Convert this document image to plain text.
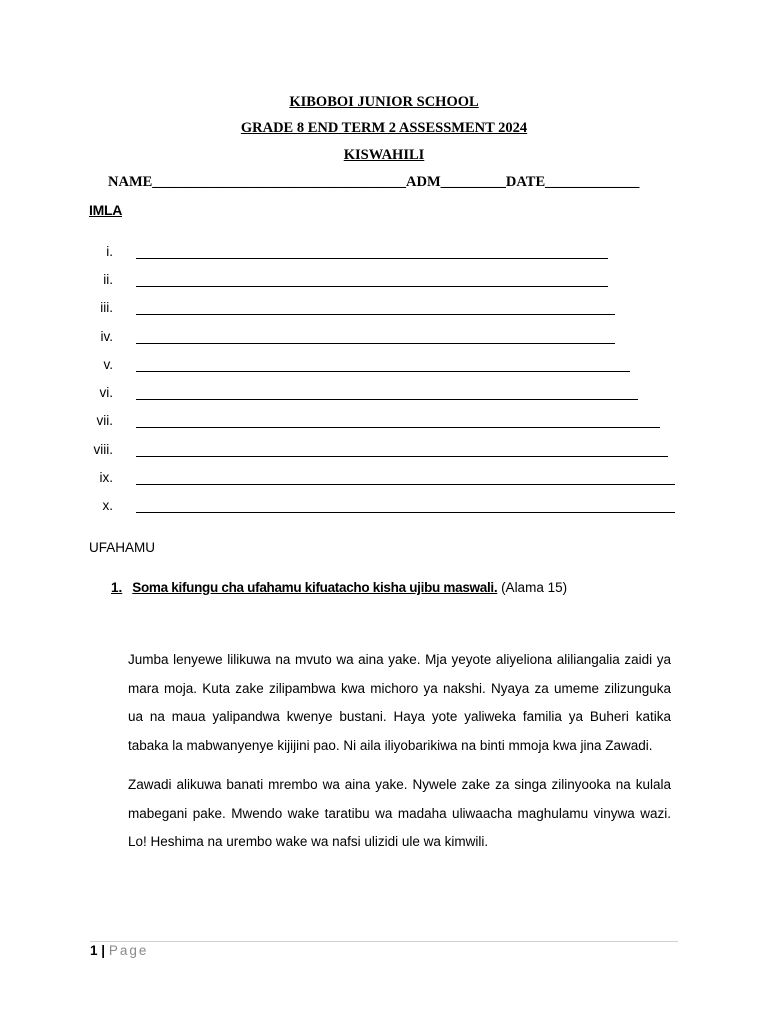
KIBOBOI JUNIOR SCHOOL
GRADE 8 END TERM 2 ASSESSMENT 2024
KISWAHILI
NAME___________________________________ADM_________DATE_____________
IMLA
i.
ii.
iii.
iv.
v.
vi.
vii.
viii.
ix.
x.
UFAHAMU
1. Soma kifungu cha ufahamu kifuatacho kisha ujibu maswali. (Alama 15)
Jumba lenyewe lilikuwa na mvuto wa aina yake. Mja yeyote aliyeliona aliliangalia zaidi ya mara moja. Kuta zake zilipambwa kwa michoro ya nakshi. Nyaya za umeme zilizunguka ua na maua yalipandwa kwenye bustani. Haya yote yaliweka familia ya Buheri katika tabaka la mabwanyenye kijijini pao. Ni aila iliyobarikiwa na binti mmoja kwa jina Zawadi.
Zawadi alikuwa banati mrembo wa aina yake. Nywele zake za singa zilinyooka na kulala mabegani pake. Mwendo wake taratibu wa madaha uliwaacha maghulamu vinywa wazi. Lo! Heshima na urembo wake wa nafsi ulizidi ule wa kimwili.
1 | Page
